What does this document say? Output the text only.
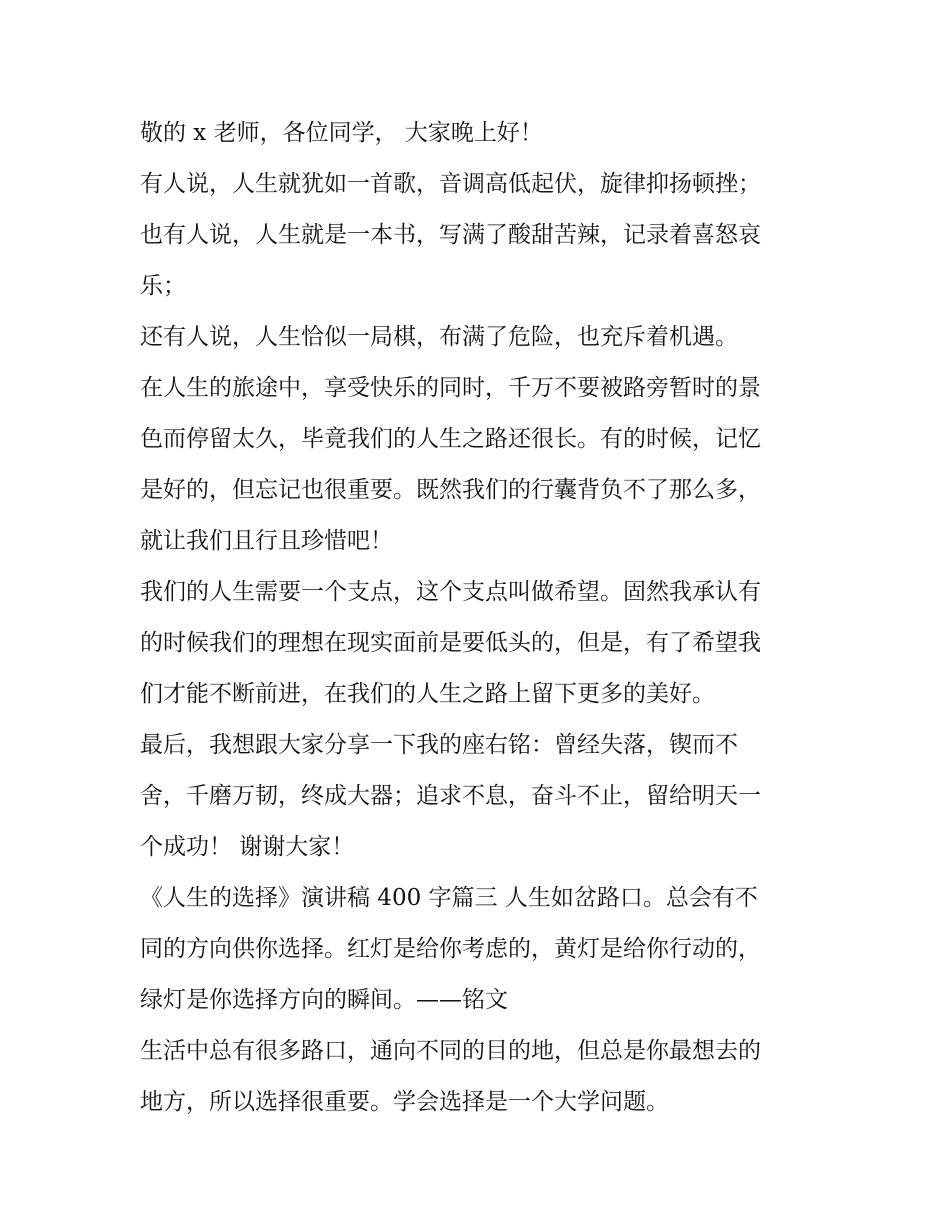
敬的 x 老师，各位同学， 大家晚上好！
有人说，人生就犹如一首歌，音调高低起伏，旋律抑扬顿挫；
也有人说，人生就是一本书，写满了酸甜苦辣，记录着喜怒哀
乐；
还有人说，人生恰似一局棋，布满了危险，也充斥着机遇。
在人生的旅途中，享受快乐的同时，千万不要被路旁暂时的景
色而停留太久，毕竟我们的人生之路还很长。有的时候，记忆
是好的，但忘记也很重要。既然我们的行囊背负不了那么多，
就让我们且行且珍惜吧！
我们的人生需要一个支点，这个支点叫做希望。固然我承认有
的时候我们的理想在现实面前是要低头的，但是，有了希望我
们才能不断前进，在我们的人生之路上留下更多的美好。
最后，我想跟大家分享一下我的座右铭：曾经失落，锲而不
舍，千磨万韧，终成大器；追求不息，奋斗不止，留给明天一
个成功！ 谢谢大家！
《人生的选择》演讲稿 400 字篇三 人生如岔路口。总会有不
同的方向供你选择。红灯是给你考虑的，黄灯是给你行动的，
绿灯是你选择方向的瞬间。——铭文
生活中总有很多路口，通向不同的目的地，但总是你最想去的
地方，所以选择很重要。学会选择是一个大学问题。
